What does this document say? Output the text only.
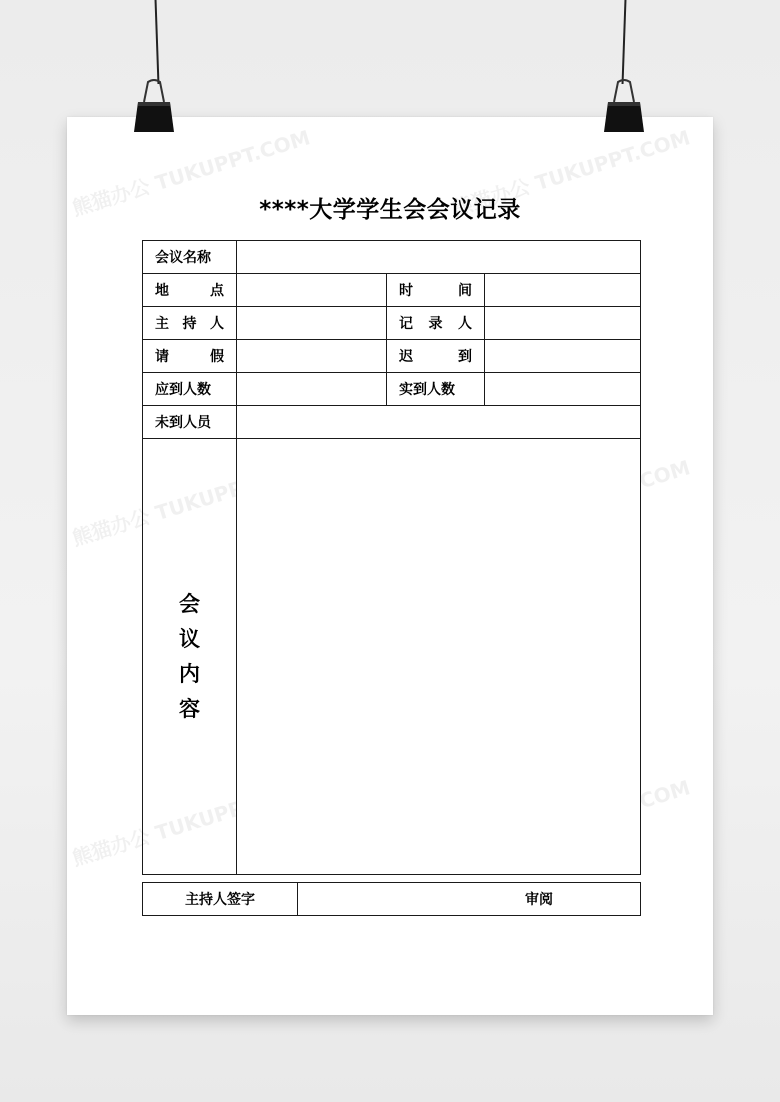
熊猫办公 TUKUPPT.COM	熊猫办公 TUKUPPT.COM
熊猫办公 TUKUPPT.COM
熊猫办公 TUKUPPT.COM
****大学学生会会议记录
会议名称			

地点		时间	

主持人		记录人	

请假		迟到	

应到人数		实到人数	
未到人员			

会
议
内
容			

主持人签字	审阅
